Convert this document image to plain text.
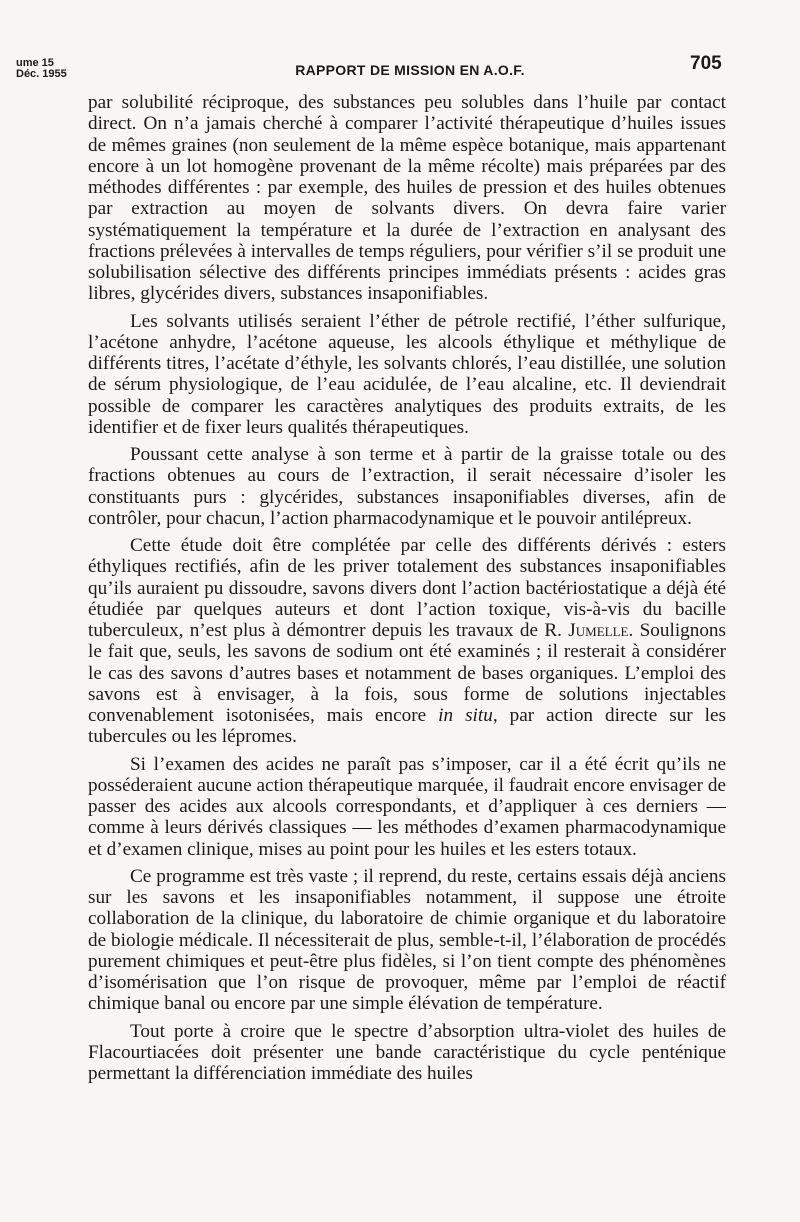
ume 15
Déc. 1955	RAPPORT DE MISSION EN A.O.F.	705

par solubilité réciproque, des substances peu solubles dans l’huile par contact direct. On n’a jamais cherché à comparer l’activité thérapeutique d’huiles issues de mêmes graines (non seulement de la même espèce botanique, mais appartenant encore à un lot homogène provenant de la même récolte) mais préparées par des méthodes différentes : par exemple, des huiles de pression et des huiles obtenues par extraction au moyen de solvants divers. On devra faire varier systématiquement la température et la durée de l’extraction en analysant des fractions prélevées à intervalles de temps réguliers, pour vérifier s’il se produit une solubilisation sélective des différents principes immédiats présents : acides gras libres, glycérides divers, substances insaponifiables.

Les solvants utilisés seraient l’éther de pétrole rectifié, l’éther sulfurique, l’acétone anhydre, l’acétone aqueuse, les alcools éthylique et méthylique de différents titres, l’acétate d’éthyle, les solvants chlorés, l’eau distillée, une solution de sérum physiologique, de l’eau acidulée, de l’eau alcaline, etc. Il deviendrait possible de comparer les caractères analytiques des produits extraits, de les identifier et de fixer leurs qualités thérapeutiques.

Poussant cette analyse à son terme et à partir de la graisse totale ou des fractions obtenues au cours de l’extraction, il serait nécessaire d’isoler les constituants purs : glycérides, substances insaponifiables diverses, afin de contrôler, pour chacun, l’action pharmacodynamique et le pouvoir antilépreux.

Cette étude doit être complétée par celle des différents dérivés : esters éthyliques rectifiés, afin de les priver totalement des substances insaponifiables qu’ils auraient pu dissoudre, savons divers dont l’action bactériostatique a déjà été étudiée par quelques auteurs et dont l’action toxique, vis-à-vis du bacille tuberculeux, n’est plus à démontrer depuis les travaux de R. Jumelle. Soulignons le fait que, seuls, les savons de sodium ont été examinés ; il resterait à considérer le cas des savons d’autres bases et notamment de bases organiques. L’emploi des savons est à envisager, à la fois, sous forme de solutions injectables convenablement isotonisées, mais encore in situ, par action directe sur les tubercules ou les lépromes.

Si l’examen des acides ne paraît pas s’imposer, car il a été écrit qu’ils ne posséderaient aucune action thérapeutique marquée, il faudrait encore envisager de passer des acides aux alcools correspondants, et d’appliquer à ces derniers — comme à leurs dérivés classiques — les méthodes d’examen pharmacodynamique et d’examen clinique, mises au point pour les huiles et les esters totaux.

Ce programme est très vaste ; il reprend, du reste, certains essais déjà anciens sur les savons et les insaponifiables notamment, il suppose une étroite collaboration de la clinique, du laboratoire de chimie organique et du laboratoire de biologie médicale. Il nécessiterait de plus, semble-t-il, l’élaboration de procédés purement chimiques et peut-être plus fidèles, si l’on tient compte des phénomènes d’isomérisation que l’on risque de provoquer, même par l’emploi de réactif chimique banal ou encore par une simple élévation de température.

Tout porte à croire que le spectre d’absorption ultra-violet des huiles de Flacourtiacées doit présenter une bande caractéristique du cycle penténique permettant la différenciation immédiate des huiles
